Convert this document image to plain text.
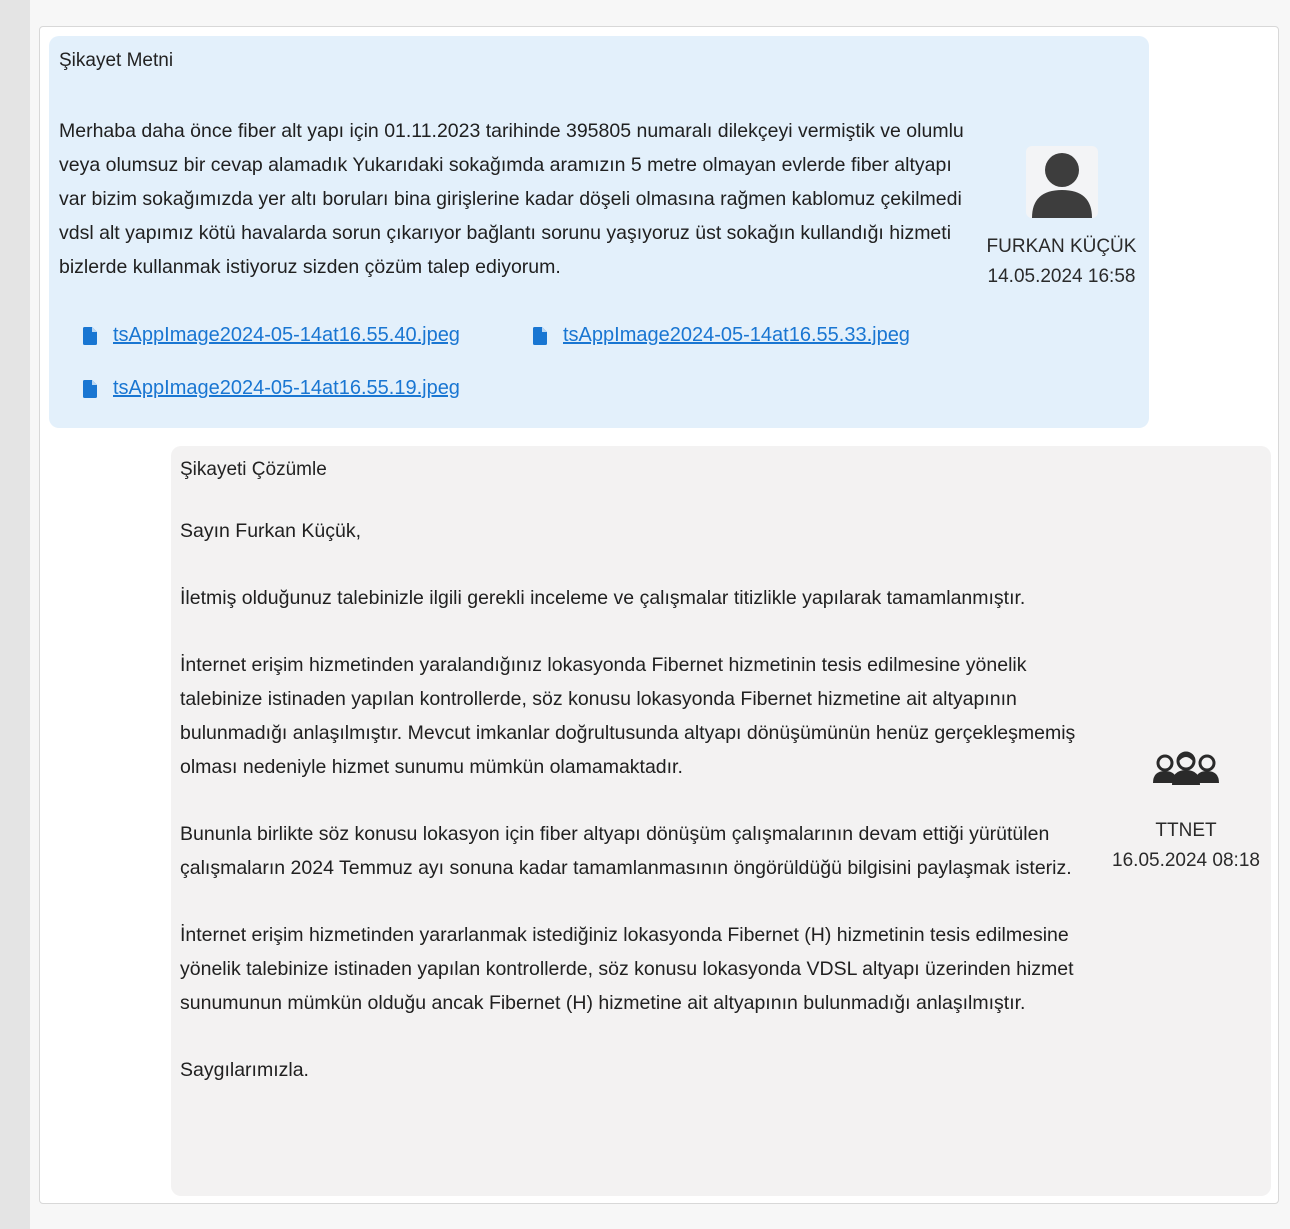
Şikayet Metni
Merhaba daha önce fiber alt yapı için 01.11.2023 tarihinde 395805 numaralı dilekçeyi vermiştik ve olumlu veya olumsuz bir cevap alamadık Yukarıdaki sokağımda aramızın 5 metre olmayan evlerde fiber altyapı var bizim sokağımızda yer altı boruları bina girişlerine kadar döşeli olmasına rağmen kablomuz çekilmedi vdsl alt yapımız kötü havalarda sorun çıkarıyor bağlantı sorunu yaşıyoruz üst sokağın kullandığı hizmeti bizlerde kullanmak istiyoruz sizden çözüm talep ediyorum.
tsAppImage2024-05-14at16.55.40.jpeg	tsAppImage2024-05-14at16.55.33.jpeg
tsAppImage2024-05-14at16.55.19.jpeg
FURKAN KÜÇÜK
14.05.2024 16:58
Şikayeti Çözümle

Sayın Furkan Küçük,

İletmiş olduğunuz talebinizle ilgili gerekli inceleme ve çalışmalar titizlikle yapılarak tamamlanmıştır.

İnternet erişim hizmetinden yaralandığınız lokasyonda Fibernet hizmetinin tesis edilmesine yönelik talebinize istinaden yapılan kontrollerde, söz konusu lokasyonda Fibernet hizmetine ait altyapının bulunmadığı anlaşılmıştır. Mevcut imkanlar doğrultusunda altyapı dönüşümünün henüz gerçekleşmemiş olması nedeniyle hizmet sunumu mümkün olamamaktadır.

Bununla birlikte söz konusu lokasyon için fiber altyapı dönüşüm çalışmalarının devam ettiği yürütülen çalışmaların 2024 Temmuz ayı sonuna kadar tamamlanmasının öngörüldüğü bilgisini paylaşmak isteriz.

İnternet erişim hizmetinden yararlanmak istediğiniz lokasyonda Fibernet (H) hizmetinin tesis edilmesine yönelik talebinize istinaden yapılan kontrollerde, söz konusu lokasyonda VDSL altyapı üzerinden hizmet sunumunun mümkün olduğu ancak Fibernet (H) hizmetine ait altyapının bulunmadığı anlaşılmıştır.

Saygılarımızla.

TTNET
16.05.2024 08:18
